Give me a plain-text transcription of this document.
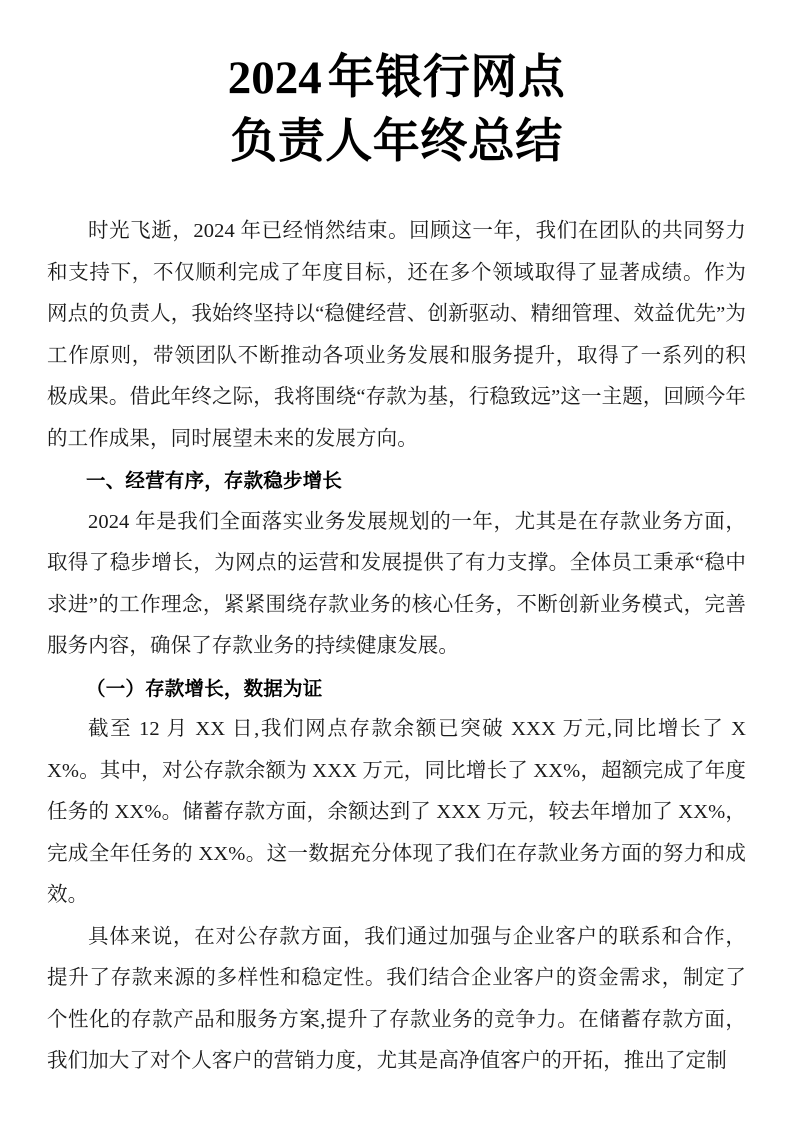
2024 年银行网点
负责人年终总结

时光飞逝，2024 年已经悄然结束。回顾这一年，我们在团队的共同努力和支持下，不仅顺利完成了年度目标，还在多个领域取得了显著成绩。作为网点的负责人，我始终坚持以“稳健经营、创新驱动、精细管理、效益优先”为工作原则，带领团队不断推动各项业务发展和服务提升，取得了一系列的积极成果。借此年终之际，我将围绕“存款为基，行稳致远”这一主题，回顾今年的工作成果，同时展望未来的发展方向。

一、经营有序，存款稳步增长

2024 年是我们全面落实业务发展规划的一年，尤其是在存款业务方面，取得了稳步增长，为网点的运营和发展提供了有力支撑。全体员工秉承“稳中求进”的工作理念，紧紧围绕存款业务的核心任务，不断创新业务模式，完善服务内容，确保了存款业务的持续健康发展。

（一）存款增长，数据为证

截至 12 月 XX 日,我们网点存款余额已突破 XXX 万元,同比增长了 XX%。其中，对公存款余额为 XXX 万元，同比增长了 XX%，超额完成了年度任务的 XX%。储蓄存款方面，余额达到了 XXX 万元，较去年增加了 XX%，完成全年任务的 XX%。这一数据充分体现了我们在存款业务方面的努力和成效。

具体来说，在对公存款方面，我们通过加强与企业客户的联系和合作，提升了存款来源的多样性和稳定性。我们结合企业客户的资金需求，制定了个性化的存款产品和服务方案,提升了存款业务的竞争力。在储蓄存款方面，我们加大了对个人客户的营销力度，尤其是高净值客户的开拓，推出了定制
